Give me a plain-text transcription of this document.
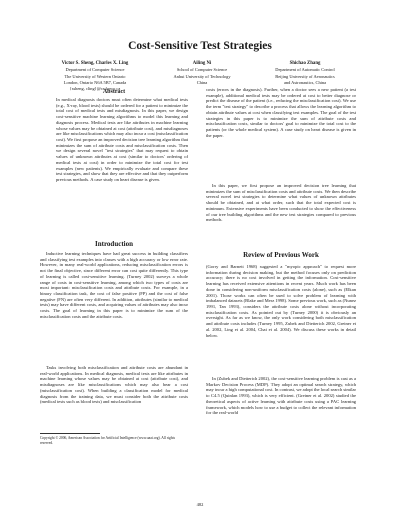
Cost-Sensitive Test Strategies
Victor S. Sheng, Charles X. Ling
Department of Computer Science
The University of Western Ontario
London, Ontario N6A 5B7, Canada
{ssheng, cling}@csd.uwo.ca
Ailing Ni
School of Computer Science
Anhui University of Technology
China
Shichao Zhang
Department of Automatic Control
Beijing University of Aeronautics
and Astronautics, China
Abstract

In medical diagnosis doctors must often determine what medical tests (e.g., X-ray, blood tests) should be ordered for a patient to minimize the total cost of medical tests and misdiagnosis. In this paper, we design cost-sensitive machine learning algorithms to model this learning and diagnosis process. Medical tests are like attributes in machine learning whose values may be obtained at cost (attribute cost), and misdiagnoses are like misclassifications which may also incur a cost (misclassification cost). We first propose an improved decision tree learning algorithm that minimizes the sum of attribute costs and misclassification costs. Then we design several novel "test strategies" that may request to obtain values of unknown attributes at cost (similar to doctors' ordering of medical tests at cost) in order to minimize the total cost for test examples (new patients). We empirically evaluate and compare these test strategies, and show that they are effective and that they outperform previous methods. A case study on heart disease is given.

Introduction

Inductive learning techniques have had great success in building classifiers and classifying test examples into classes with a high accuracy or low error rate. However, in many real-world applications, reducing misclassification errors is not the final objective, since different error can cost quite differently. This type of learning is called cost-sensitive learning. (Turney 2002) surveys a whole range of costs in cost-sensitive learning, among which two types of costs are most important: misclassification costs and attribute costs. For example, in a binary classification task, the cost of false positive (FP) and the cost of false negative (FN) are often very different. In addition, attributes (similar to medical tests) may have different costs, and acquiring values of attributes may also incur costs. The goal of learning in this paper is to minimize the sum of the misclassification costs and the attribute costs.

Tasks involving both misclassification and attribute costs are abundant in real-world applications. In medical diagnosis, medical tests are like attributes in machine learning whose values may be obtained at cost (attribute cost), and misdiagnoses are like misclassifications which may also bear a cost (misclassification cost). When building a classification model for medical diagnosis from the training data, we must consider both the attribute costs (medical tests such as blood tests) and misclassification

Copyright © 2006, American Association for Artificial Intelligence (www.aaai.org). All rights reserved.

costs (errors in the diagnosis). Further, when a doctor sees a new patient (a test example), additional medical tests may be ordered at cost to better diagnose or predict the disease of the patient (i.e., reducing the misclassification cost). We use the term "test strategy" to describe a process that allows the learning algorithm to obtain attribute values at cost when classifying test examples. The goal of the test strategies in this paper is to minimize the sum of attribute costs and misclassification costs, similar to doctors' goal to minimize the total cost to the patients (or the whole medical system). A case study on heart disease is given in the paper.

In this paper, we first propose an improved decision tree learning that minimizes the sum of misclassification costs and attribute costs. We then describe several novel test strategies to determine what values of unknown attributes should be obtained, and at what order, such that the total expected cost is minimum. Extensive experiments have been conducted to show the effectiveness of our tree building algorithms and the new test strategies compared to previous methods.

Review of Previous Work

(Gorry and Barnett 1968) suggested a "myopic approach" to request more information during decision making, but the method focuses only on prediction accuracy; there is no cost involved in getting the information. Cost-sensitive learning has received extensive attentions in recent years. Much work has been done in considering non-uniform misclassification costs (alone), such as (Elkan 2001). Those works can often be used to solve problem of learning with imbalanced datasets (Blake and Merz 1998). Some previous work, such as (Nunez 1991, Tan 1993), considers the attribute costs alone without incorporating misclassification costs. As pointed out by (Turney 2000) it is obviously an oversight. As far as we know, the only work considering both misclassification and attribute costs includes (Turney 1995, Zubek and Dietterich 2002, Greiner et al. 2002, Ling et al. 2004, Chai et al. 2004). We discuss these works in detail below.

In (Zubek and Dietterich 2002), the cost-sensitive learning problem is cast as a Markov Decision Process (MDP). They adopt an optimal search strategy, which may incur a high computational cost. In contrast, we adopt the local search similar to C4.5 (Quinlan 1993), which is very efficient. (Greiner et al. 2002) studied the theoretical aspects of active learning with attribute costs using a PAC learning framework, which models how to use a budget to collect the relevant information for the real-world

482
